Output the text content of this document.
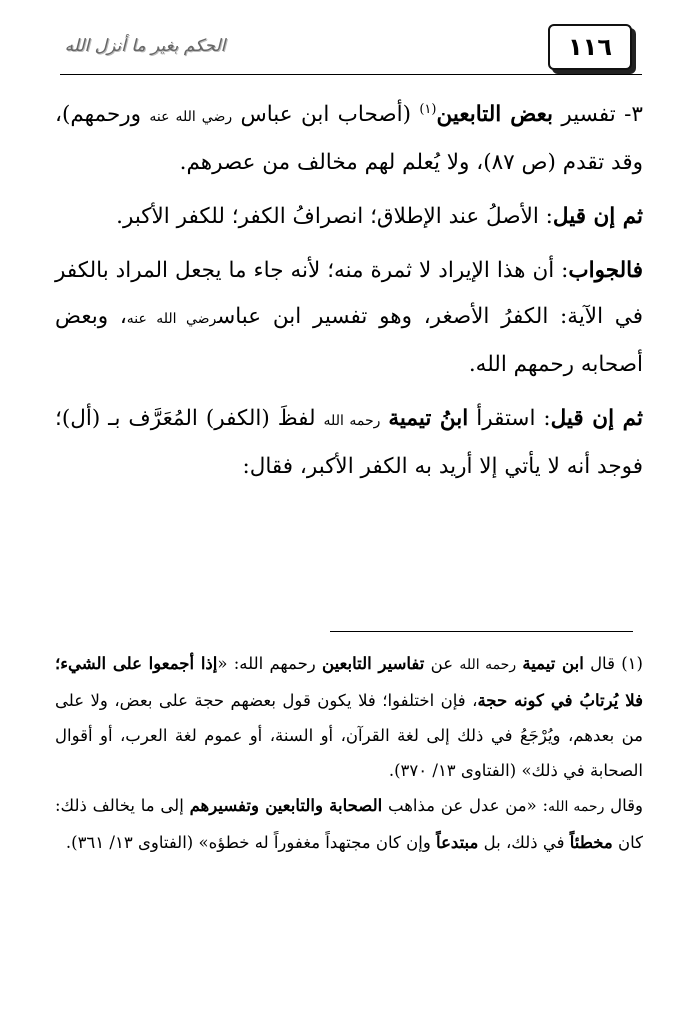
١١٦
الحكم بغير ما أنزل الله

٣- تفسير بعض التابعين$^{(١)}$ (أصحاب ابن عباس رضي الله عنه ورحمهم)، وقد تقدم (ص ٨٧)، ولا يُعلم لهم مخالف من عصرهم.

ثم إن قيل: الأصلُ عند الإطلاق؛ انصرافُ الكفر؛ للكفر الأكبر.

فالجواب: أن هذا الإيراد لا ثمرة منه؛ لأنه جاء ما يجعل المراد بالكفر في الآية: الكفرُ الأصغر، وهو تفسير ابن عباسرضي الله عنه، وبعض أصحابه رحمهم الله.

ثم إن قيل: استقرأ ابنُ تيمية رحمه الله لفظَ (الكفر) المُعَرَّف بـ (أل)؛ فوجد أنه لا يأتي إلا أريد به الكفر الأكبر، فقال:

(١) قال ابن تيمية رحمه الله عن تفاسير التابعين رحمهم الله: «إذا أجمعوا على الشيء؛ فلا يُرتابُ في كونه حجة، فإن اختلفوا؛ فلا يكون قول بعضهم حجة على بعض، ولا على من بعدهم، ويُرْجَعُ في ذلك إلى لغة القرآن، أو السنة، أو عموم لغة العرب، أو أقوال الصحابة في ذلك» (الفتاوى ١٣/ ٣٧٠).

وقال رحمه الله: «من عدل عن مذاهب الصحابة والتابعين وتفسيرهم إلى ما يخالف ذلك: كان مخطئاً في ذلك، بل مبتدعاً وإن كان مجتهداً مغفوراً له خطؤه» (الفتاوى ١٣/ ٣٦١).
